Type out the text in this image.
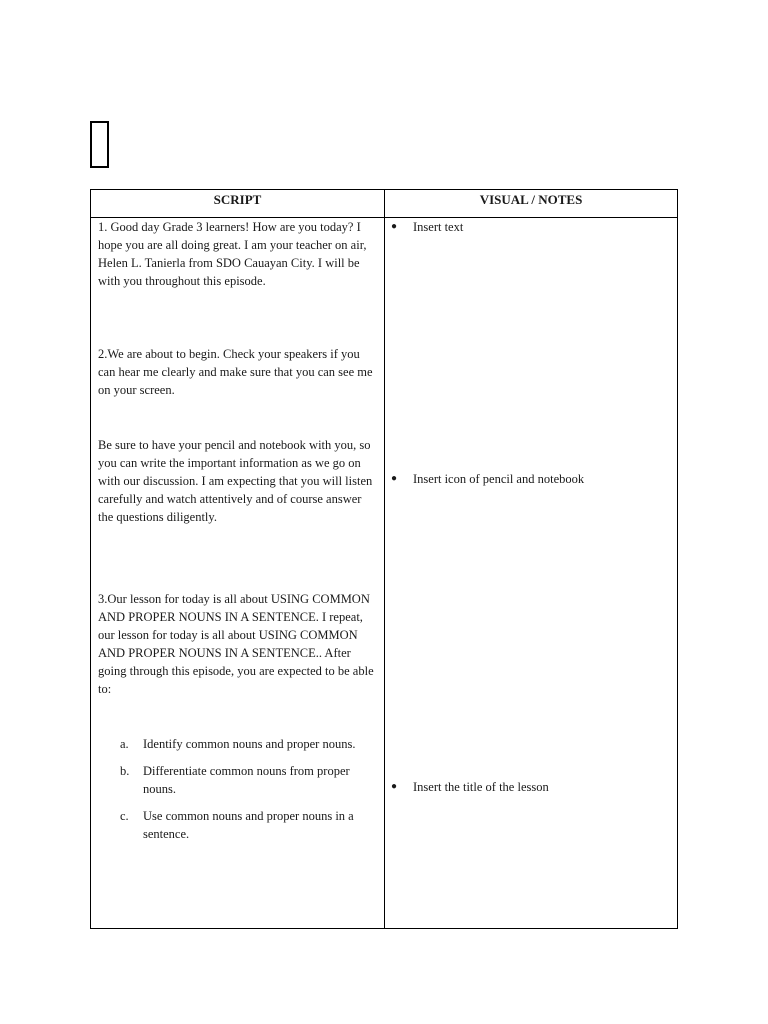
SCRIPT	VISUAL / NOTES

1. Good day Grade 3 learners! How are you today? I hope you are all doing great. I am your teacher on air, Helen L. Tanierla from SDO Cauayan City. I will be with you throughout this episode.

2.We are about to begin. Check your speakers if you can hear me clearly and make sure that you can see me on your screen.

Be sure to have your pencil and notebook with you, so you can write the important information as we go on with our discussion. I am expecting that you will listen carefully and watch attentively and of course answer the questions diligently.

3.Our lesson for today is all about USING COMMON AND PROPER NOUNS IN A SENTENCE. I repeat, our lesson for today is all about USING COMMON AND PROPER NOUNS IN A SENTENCE.. After going through this episode, you are expected to be able to:

a. Identify common nouns and proper nouns.
b. Differentiate common nouns from proper nouns.
c. Use common nouns and proper nouns in a sentence.
● Insert text
● Insert icon of pencil and notebook
● Insert the title of the lesson
